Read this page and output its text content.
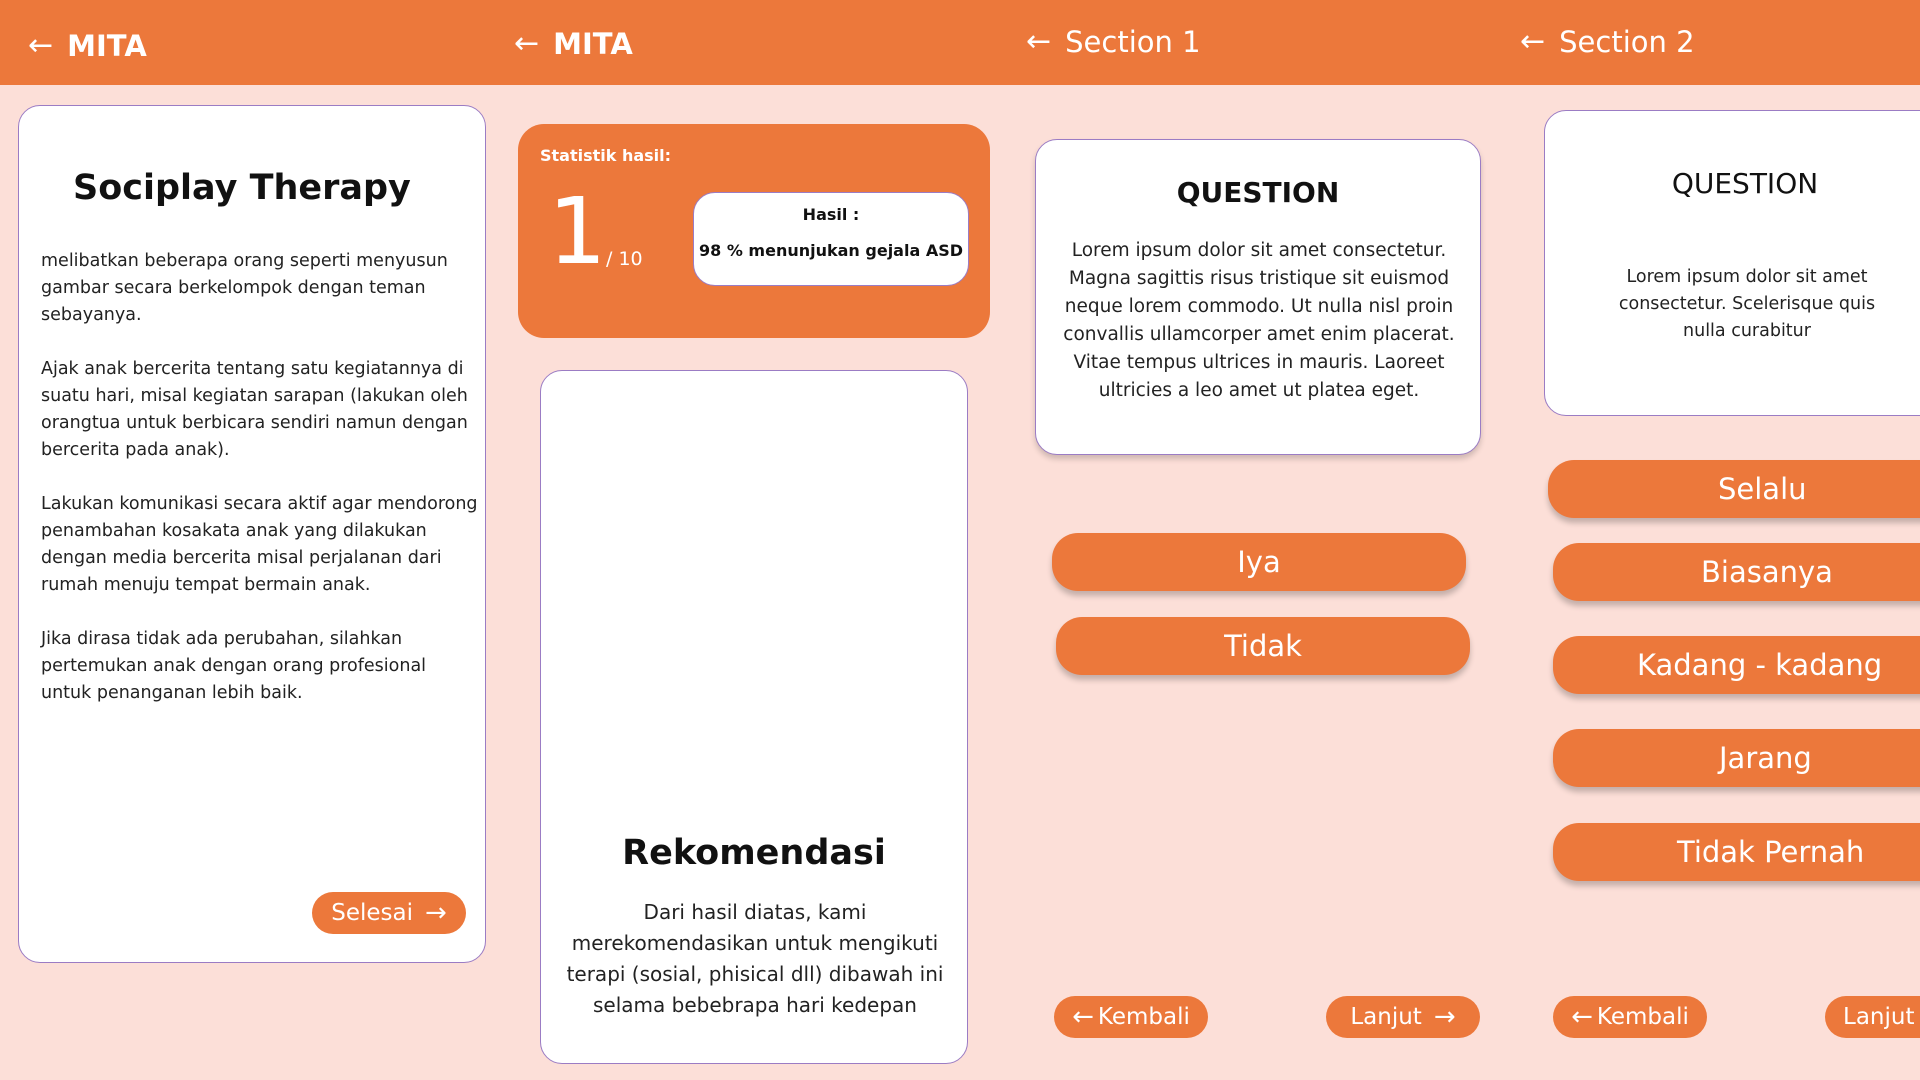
← MITA	← MITA	← Section 1	← Section 2
Sociplay Therapy

melibatkan beberapa orang seperti menyusun gambar secara berkelompok dengan teman sebayanya.

Ajak anak bercerita tentang satu kegiatannya di suatu hari, misal kegiatan sarapan (lakukan oleh orangtua untuk berbicara sendiri namun dengan bercerita pada anak).

Lakukan komunikasi secara aktif agar mendorong penambahan kosakata anak yang dilakukan dengan media bercerita misal perjalanan dari rumah menuju tempat bermain anak.

Jika dirasa tidak ada perubahan, silahkan pertemukan anak dengan orang profesional untuk penanganan lebih baik.

Selesai →
Statistik hasil:
1 / 10
Hasil :
98 % menunjukan gejala ASD
Rekomendasi
Dari hasil diatas, kami merekomendasikan untuk mengikuti terapi (sosial, phisical dll) dibawah ini selama bebebrapa hari kedepan
QUESTION
Lorem ipsum dolor sit amet consectetur. Magna sagittis risus tristique sit euismod neque lorem commodo. Ut nulla nisl proin convallis ullamcorper amet enim placerat. Vitae tempus ultrices in mauris. Laoreet ultricies a leo amet ut platea eget.
Iya
Tidak
← Kembali	Lanjut →
QUESTION
Lorem ipsum dolor sit amet consectetur. Scelerisque quis nulla curabitur
Selalu
Biasanya
Kadang - kadang
Jarang
Tidak Pernah
← Kembali	Lanjut
